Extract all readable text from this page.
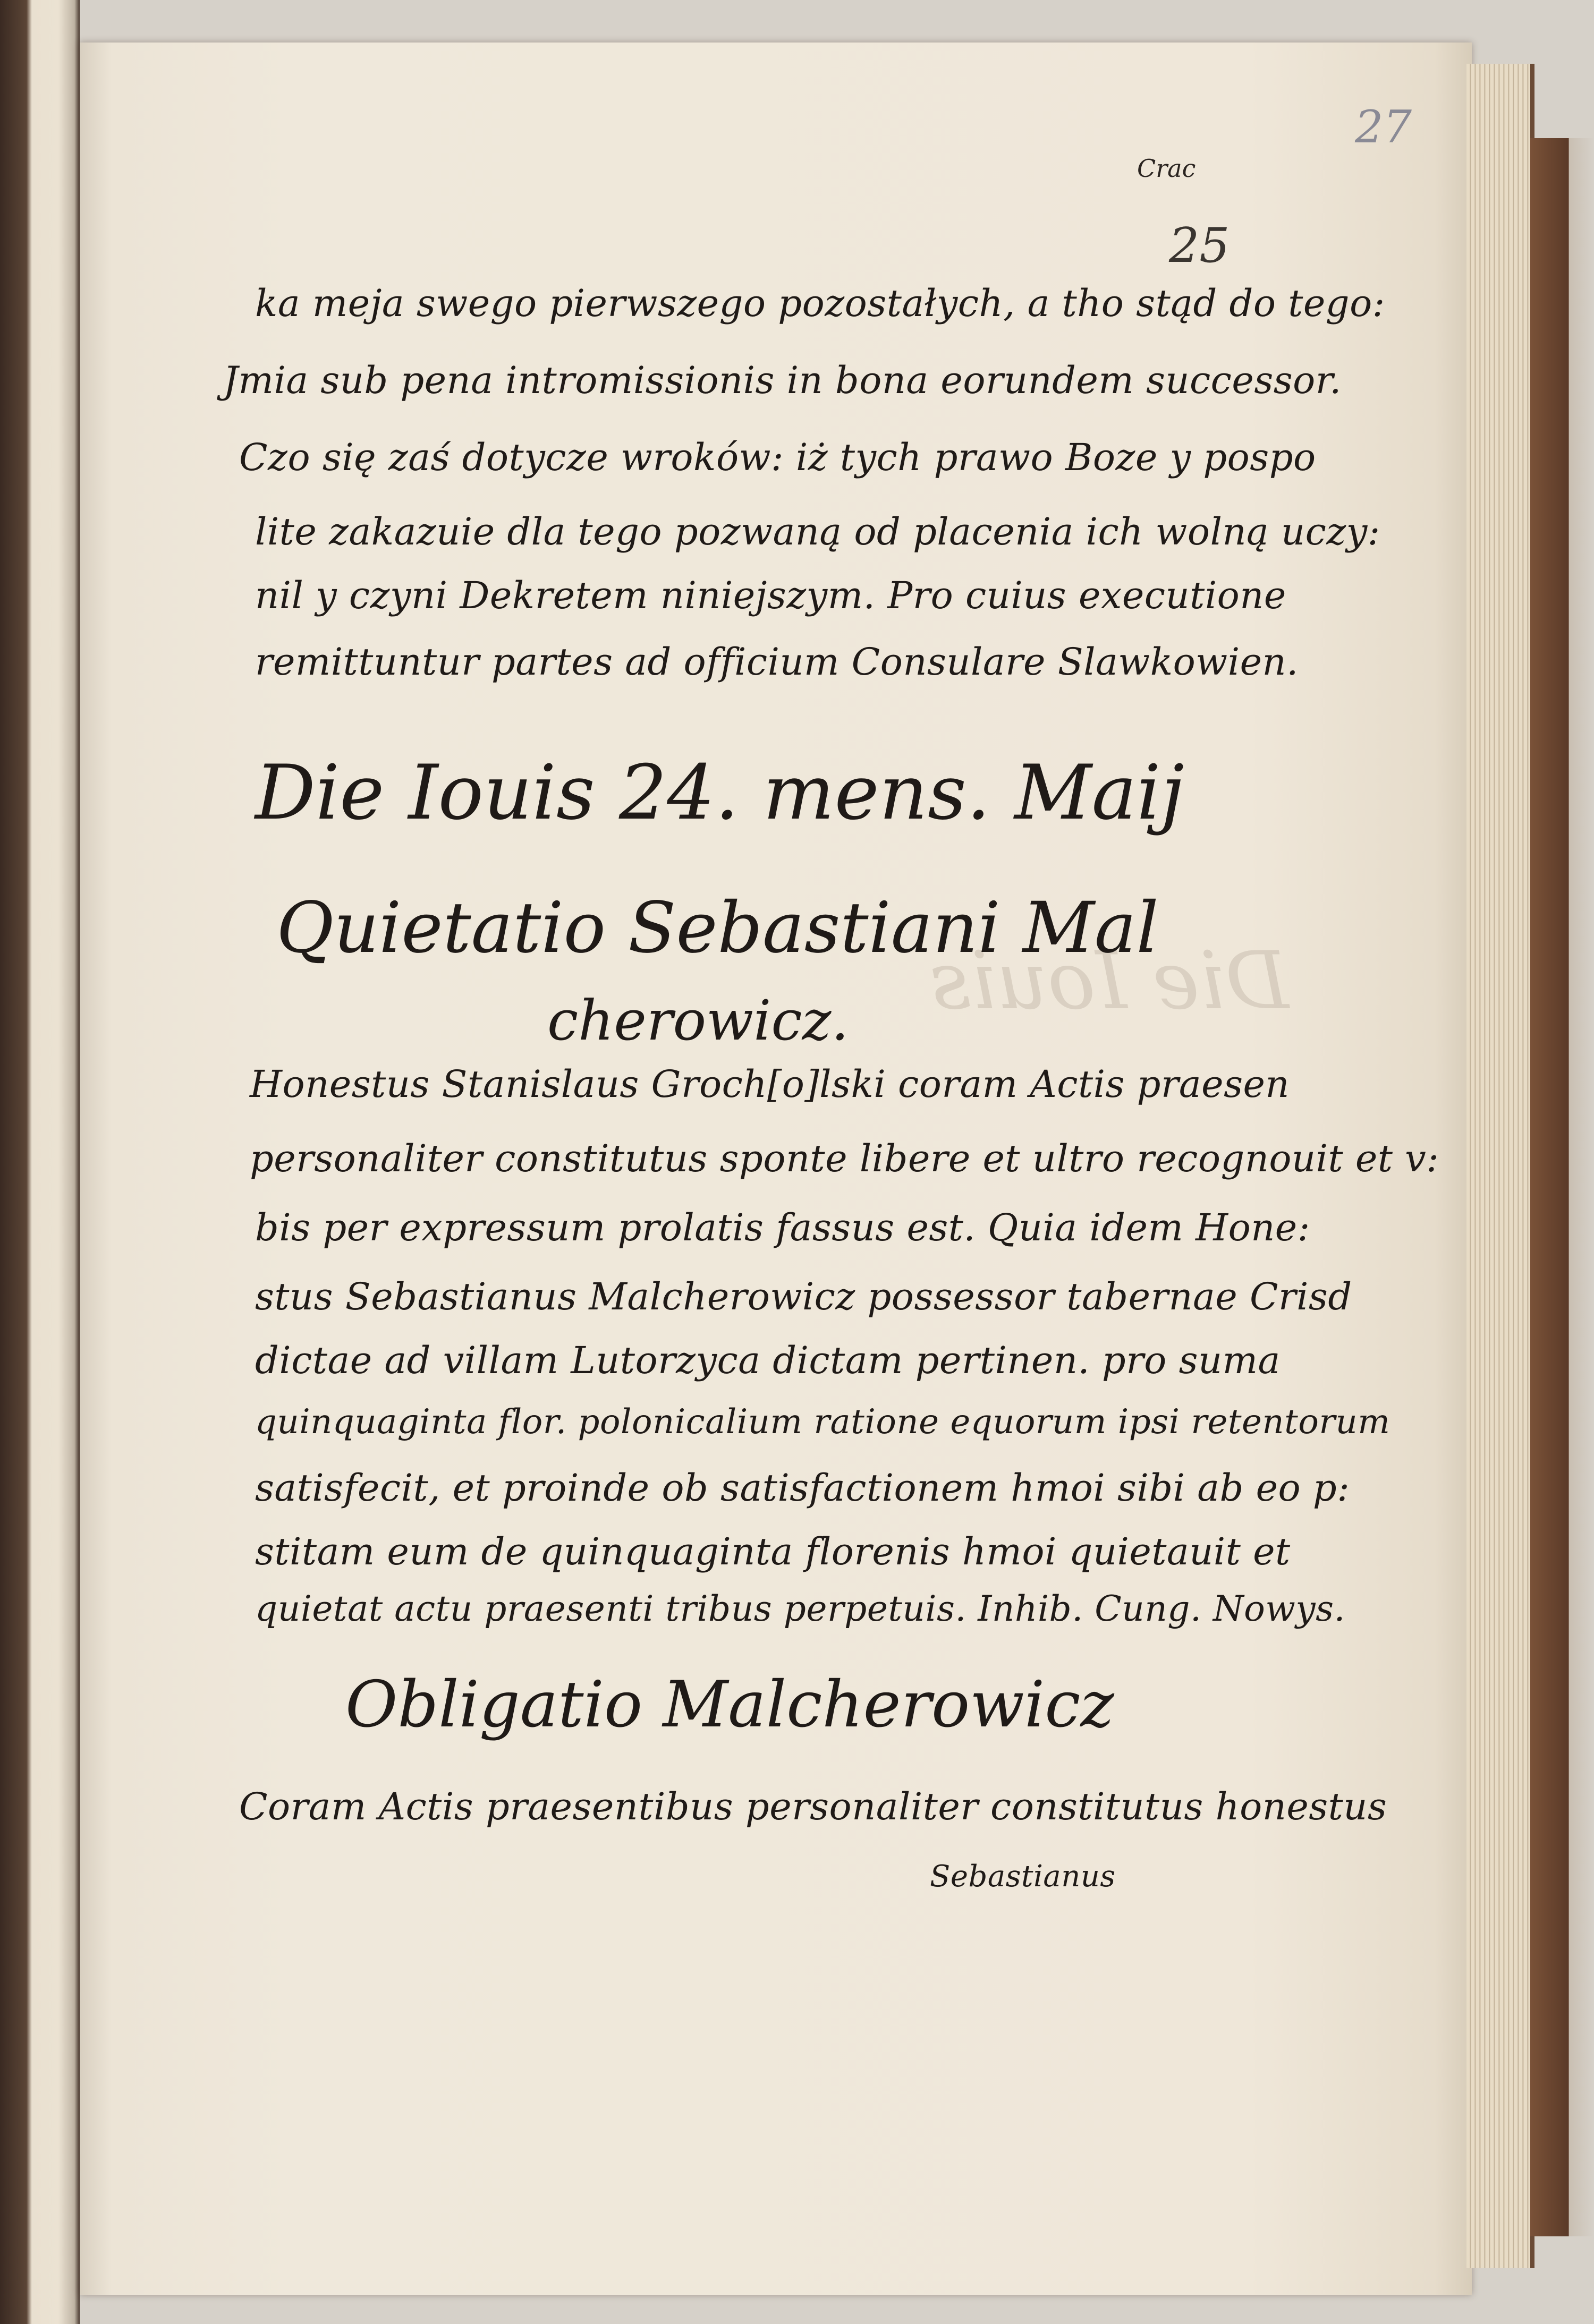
Die Iouis
27
Crac
25
ka meja swego pierwszego pozostałych, a tho stąd do tego:
Jmia sub pena intromissionis in bona eorundem successor.
Czo się zaś dotycze wroków: iż tych prawo Boze y pospo
lite zakazuie dla tego pozwaną od placenia ich wolną uczy:
nil y czyni Dekretem niniejszym. Pro cuius executione
remittuntur partes ad officium Consulare Slawkowien.
Die Iouis 24. mens. Maij
Quietatio Sebastiani Mal
cherowicz.
Honestus Stanislaus Groch[o]lski coram Actis praesen
personaliter constitutus sponte libere et ultro recognouit et v:
bis per expressum prolatis fassus est. Quia idem Hone:
stus Sebastianus Malcherowicz possessor tabernae Crisd
dictae ad villam Lutorzyca dictam pertinen. pro suma
quinquaginta flor. polonicalium ratione equorum ipsi retentorum
satisfecit, et proinde ob satisfactionem hmoi sibi ab eo p:
stitam eum de quinquaginta florenis hmoi quietauit et
quietat actu praesenti tribus perpetuis. Inhib. Cung. Nowys.
Obligatio Malcherowicz
Coram Actis praesentibus personaliter constitutus honestus
Sebastianus
